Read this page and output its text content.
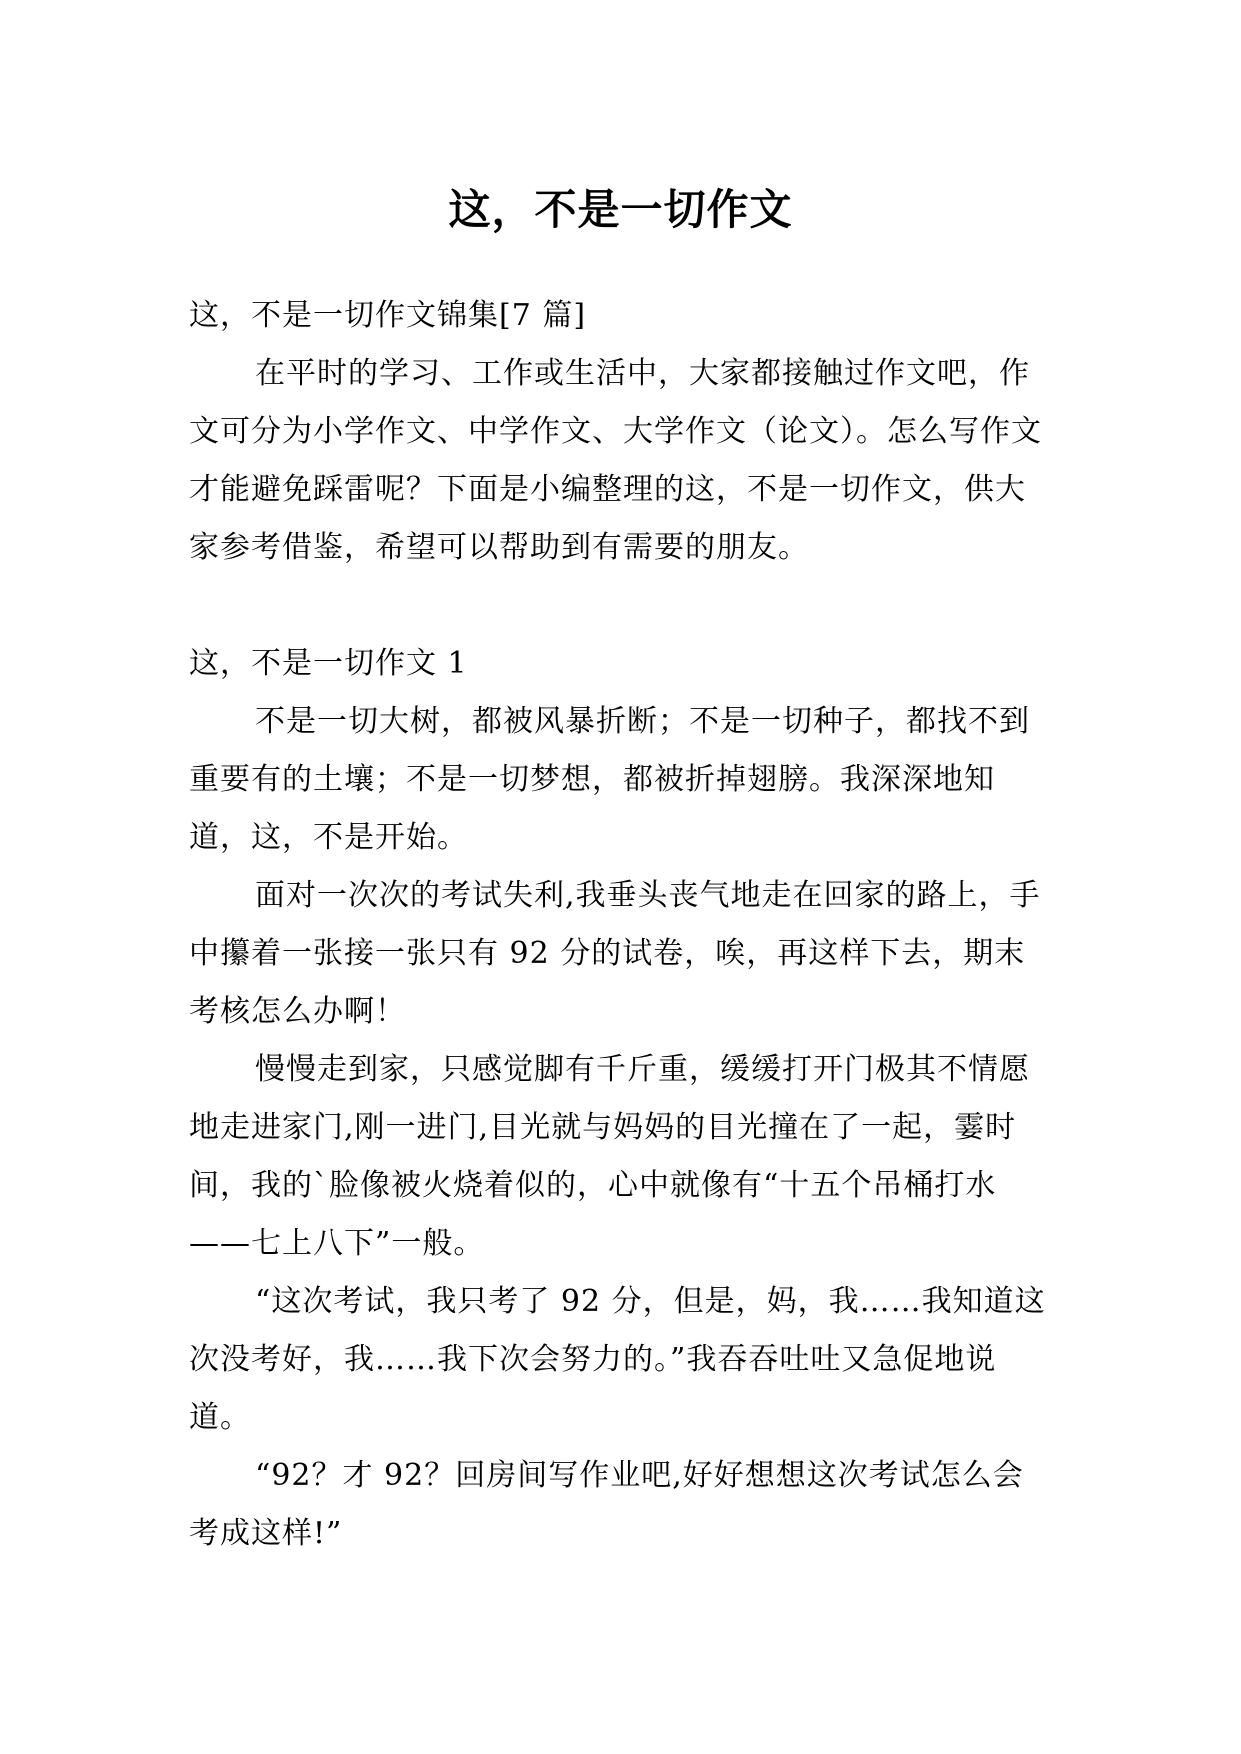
这，不是一切作文

这，不是一切作文锦集[7 篇]

在平时的学习、工作或生活中，大家都接触过作文吧，作文可分为小学作文、中学作文、大学作文（论文）。怎么写作文才能避免踩雷呢？下面是小编整理的这，不是一切作文，供大家参考借鉴，希望可以帮助到有需要的朋友。

这，不是一切作文 1

不是一切大树，都被风暴折断；不是一切种子，都找不到重要有的土壤；不是一切梦想，都被折掉翅膀。我深深地知道，这，不是开始。

面对一次次的考试失利,我垂头丧气地走在回家的路上，手中攥着一张接一张只有 92 分的试卷，唉，再这样下去，期末考核怎么办啊！

慢慢走到家，只感觉脚有千斤重，缓缓打开门极其不情愿地走进家门,刚一进门,目光就与妈妈的目光撞在了一起，霎时间，我的`脸像被火烧着似的，心中就像有“十五个吊桶打水——七上八下”一般。

“这次考试，我只考了 92 分，但是，妈，我……我知道这次没考好，我……我下次会努力的。”我吞吞吐吐又急促地说道。

“92？才 92？回房间写作业吧,好好想想这次考试怎么会考成这样!”
